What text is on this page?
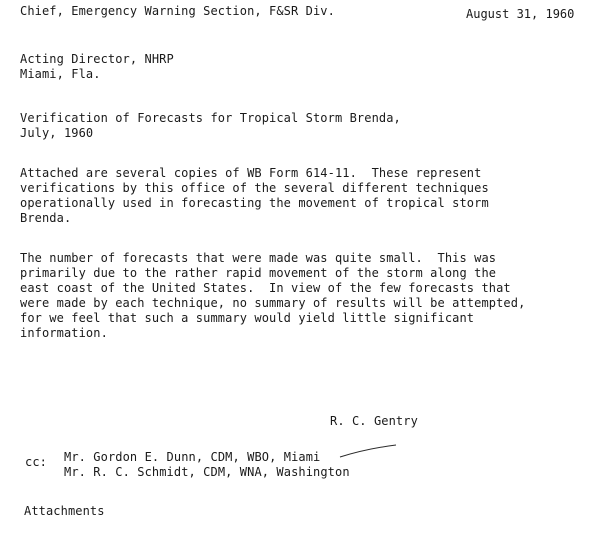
Chief, Emergency Warning Section, F&SR Div.	August 31, 1960
Acting Director, NHRP
Miami, Fla.
Verification of Forecasts for Tropical Storm Brenda,
July, 1960
Attached are several copies of WB Form 614-11.  These represent
verifications by this office of the several different techniques
operationally used in forecasting the movement of tropical storm
Brenda.
The number of forecasts that were made was quite small.  This was
primarily due to the rather rapid movement of the storm along the
east coast of the United States.  In view of the few forecasts that
were made by each technique, no summary of results will be attempted,
for we feel that such a summary would yield little significant
information.
R. C. Gentry
cc: Mr. Gordon E. Dunn, CDM, WBO, Miami
Mr. R. C. Schmidt, CDM, WNA, Washington
Attachments
